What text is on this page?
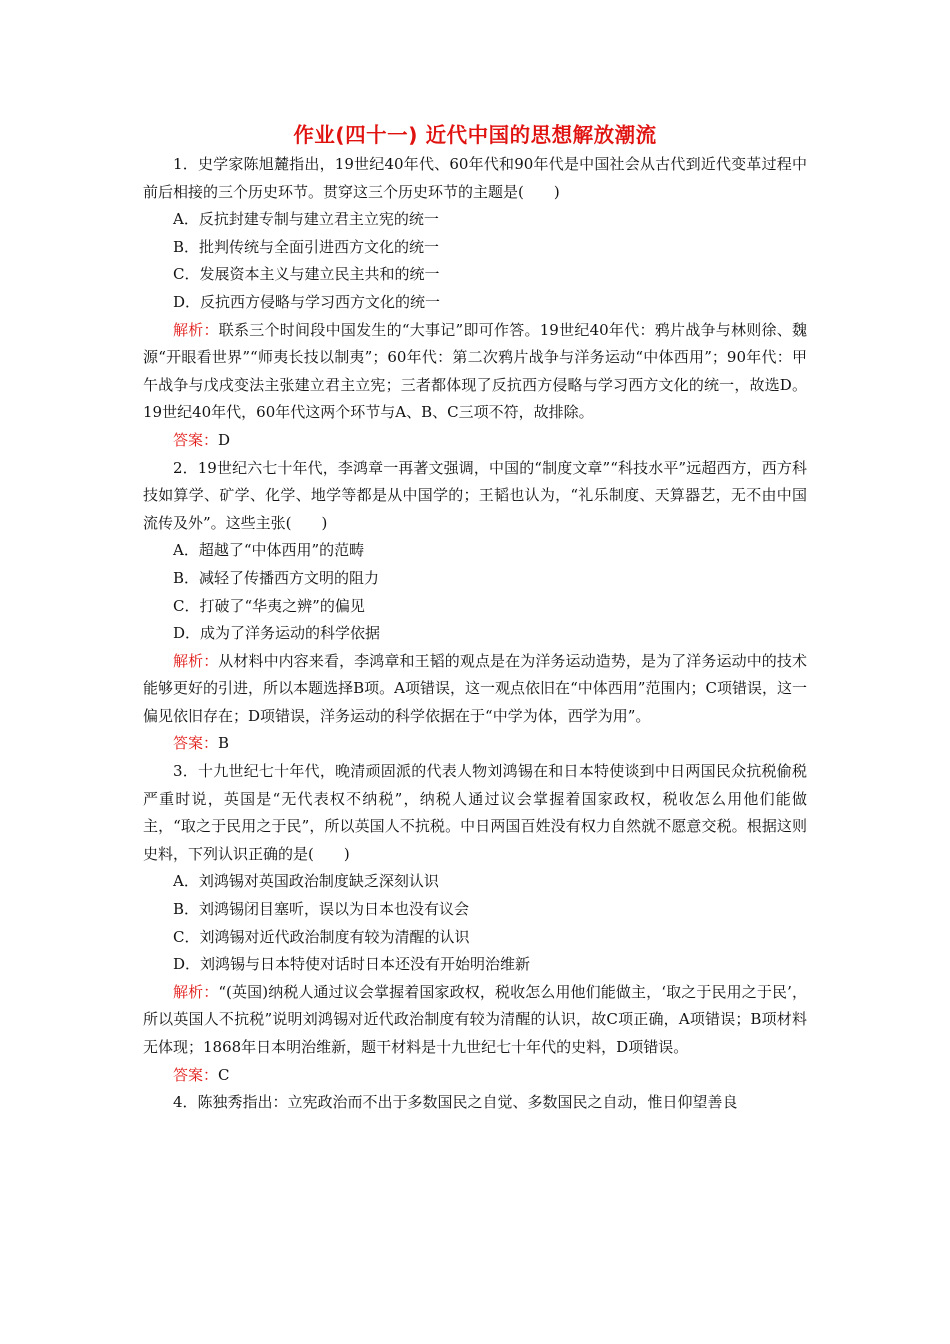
作业(四十一) 近代中国的思想解放潮流

1．史学家陈旭麓指出，19世纪40年代、60年代和90年代是中国社会从古代到近代变革过程中前后相接的三个历史环节。贯穿这三个历史环节的主题是(　　)

A．反抗封建专制与建立君主立宪的统一

B．批判传统与全面引进西方文化的统一

C．发展资本主义与建立民主共和的统一

D．反抗西方侵略与学习西方文化的统一

解析：联系三个时间段中国发生的“大事记”即可作答。19世纪40年代：鸦片战争与林则徐、魏源“开眼看世界”“师夷长技以制夷”；60年代：第二次鸦片战争与洋务运动“中体西用”；90年代：甲午战争与戊戌变法主张建立君主立宪；三者都体现了反抗西方侵略与学习西方文化的统一，故选D。19世纪40年代，60年代这两个环节与A、B、C三项不符，故排除。

答案：D

2．19世纪六七十年代，李鸿章一再著文强调，中国的“制度文章”“科技水平”远超西方，西方科技如算学、矿学、化学、地学等都是从中国学的；王韬也认为，“礼乐制度、天算器艺，无不由中国流传及外”。这些主张(　　)

A．超越了“中体西用”的范畴

B．减轻了传播西方文明的阻力

C．打破了“华夷之辨”的偏见

D．成为了洋务运动的科学依据

解析：从材料中内容来看，李鸿章和王韬的观点是在为洋务运动造势，是为了洋务运动中的技术能够更好的引进，所以本题选择B项。A项错误，这一观点依旧在“中体西用”范围内；C项错误，这一偏见依旧存在；D项错误，洋务运动的科学依据在于“中学为体，西学为用”。

答案：B

3．十九世纪七十年代，晚清顽固派的代表人物刘鸿锡在和日本特使谈到中日两国民众抗税偷税严重时说，英国是“无代表权不纳税”，纳税人通过议会掌握着国家政权，税收怎么用他们能做主，“取之于民用之于民”，所以英国人不抗税。中日两国百姓没有权力自然就不愿意交税。根据这则史料，下列认识正确的是(　　)

A．刘鸿锡对英国政治制度缺乏深刻认识

B．刘鸿锡闭目塞听，误以为日本也没有议会

C．刘鸿锡对近代政治制度有较为清醒的认识

D．刘鸿锡与日本特使对话时日本还没有开始明治维新

解析：“(英国)纳税人通过议会掌握着国家政权，税收怎么用他们能做主，‘取之于民用之于民’，所以英国人不抗税”说明刘鸿锡对近代政治制度有较为清醒的认识，故C项正确，A项错误；B项材料无体现；1868年日本明治维新，题干材料是十九世纪七十年代的史料，D项错误。

答案：C

4．陈独秀指出：立宪政治而不出于多数国民之自觉、多数国民之自动，惟日仰望善良
